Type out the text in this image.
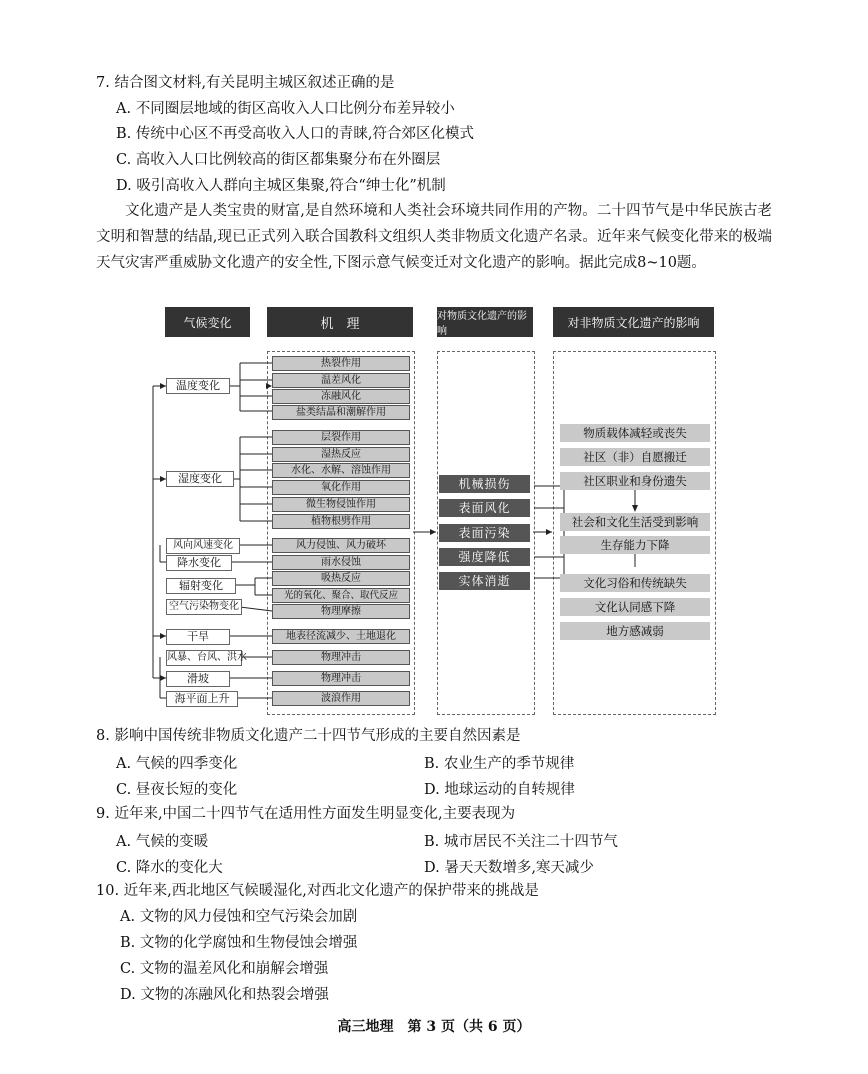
7. 结合图文材料,有关昆明主城区叙述正确的是
A. 不同圈层地域的街区高收入人口比例分布差异较小
B. 传统中心区不再受高收入人口的青睐,符合郊区化模式
C. 高收入人口比例较高的街区都集聚分布在外圈层
D. 吸引高收入人群向主城区集聚,符合“绅士化”机制
文化遗产是人类宝贵的财富,是自然环境和人类社会环境共同作用的产物。二十四节气是中华民族古老文明和智慧的结晶,现已正式列入联合国教科文组织人类非物质文化遗产名录。近年来气候变化带来的极端天气灾害严重威胁文化遗产的安全性,下图示意气候变迁对文化遗产的影响。据此完成8~10题。
气候变化	机　理	对物质文化遗产的影响
对非物质文化遗产的影响
温度变化
湿度变化
风向风速变化
降水变化
辐射变化
空气污染物变化
干旱
风暴、台风、洪水
滑坡
海平面上升
热裂作用
温差风化
冻融风化
盐类结晶和潮解作用
层裂作用
湿热反应
水化、水解、溶蚀作用
氧化作用
微生物侵蚀作用
植物根劈作用
风力侵蚀、风力破坏
雨水侵蚀
吸热反应
光的氧化、聚合、取代反应
物理摩擦
地表径流减少、土地退化
物理冲击
物理冲击
波浪作用
机械损伤
表面风化
表面污染
强度降低
实体消逝
物质载体减轻或丧失
社区（非）自愿搬迁
社区职业和身份遗失
社会和文化生活受到影响
生存能力下降
文化习俗和传统缺失
文化认同感下降
地方感减弱
8. 影响中国传统非物质文化遗产二十四节气形成的主要自然因素是
A. 气候的四季变化	B. 农业生产的季节规律
C. 昼夜长短的变化	D. 地球运动的自转规律
9. 近年来,中国二十四节气在适用性方面发生明显变化,主要表现为
A. 气候的变暖	B. 城市居民不关注二十四节气
C. 降水的变化大	D. 暑天天数增多,寒天减少
10. 近年来,西北地区气候暖湿化,对西北文化遗产的保护带来的挑战是
A. 文物的风力侵蚀和空气污染会加剧
B. 文物的化学腐蚀和生物侵蚀会增强
C. 文物的温差风化和崩解会增强
D. 文物的冻融风化和热裂会增强
高三地理　第 3 页（共 6 页）
